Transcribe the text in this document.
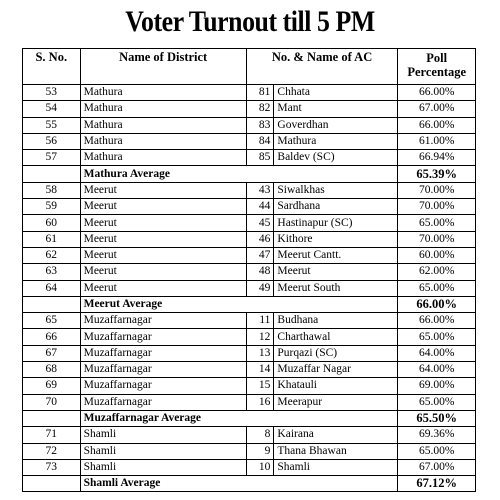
Voter Turnout till 5 PM
S. No.	Name of District	No. & Name of AC		Poll Percentage
53	Mathura	81	Chhata	66.00%
54	Mathura	82	Mant	67.00%
55	Mathura	83	Goverdhan	66.00%
56	Mathura	84	Mathura	61.00%
57	Mathura	85	Baldev (SC)	66.94%
	Mathura Average			65.39%
58	Meerut	43	Siwalkhas	70.00%
59	Meerut	44	Sardhana	70.00%
60	Meerut	45	Hastinapur (SC)	65.00%
61	Meerut	46	Kithore	70.00%
62	Meerut	47	Meerut Cantt.	60.00%
63	Meerut	48	Meerut	62.00%
64	Meerut	49	Meerut South	65.00%
	Meerut Average			66.00%
65	Muzaffarnagar	11	Budhana	66.00%
66	Muzaffarnagar	12	Charthawal	65.00%
67	Muzaffarnagar	13	Purqazi (SC)	64.00%
68	Muzaffarnagar	14	Muzaffar Nagar	64.00%
69	Muzaffarnagar	15	Khatauli	69.00%
70	Muzaffarnagar	16	Meerapur	65.00%
	Muzaffarnagar Average			65.50%
71	Shamli	8	Kairana	69.36%
72	Shamli	9	Thana Bhawan	65.00%
73	Shamli	10	Shamli	67.00%
	Shamli Average			67.12%
